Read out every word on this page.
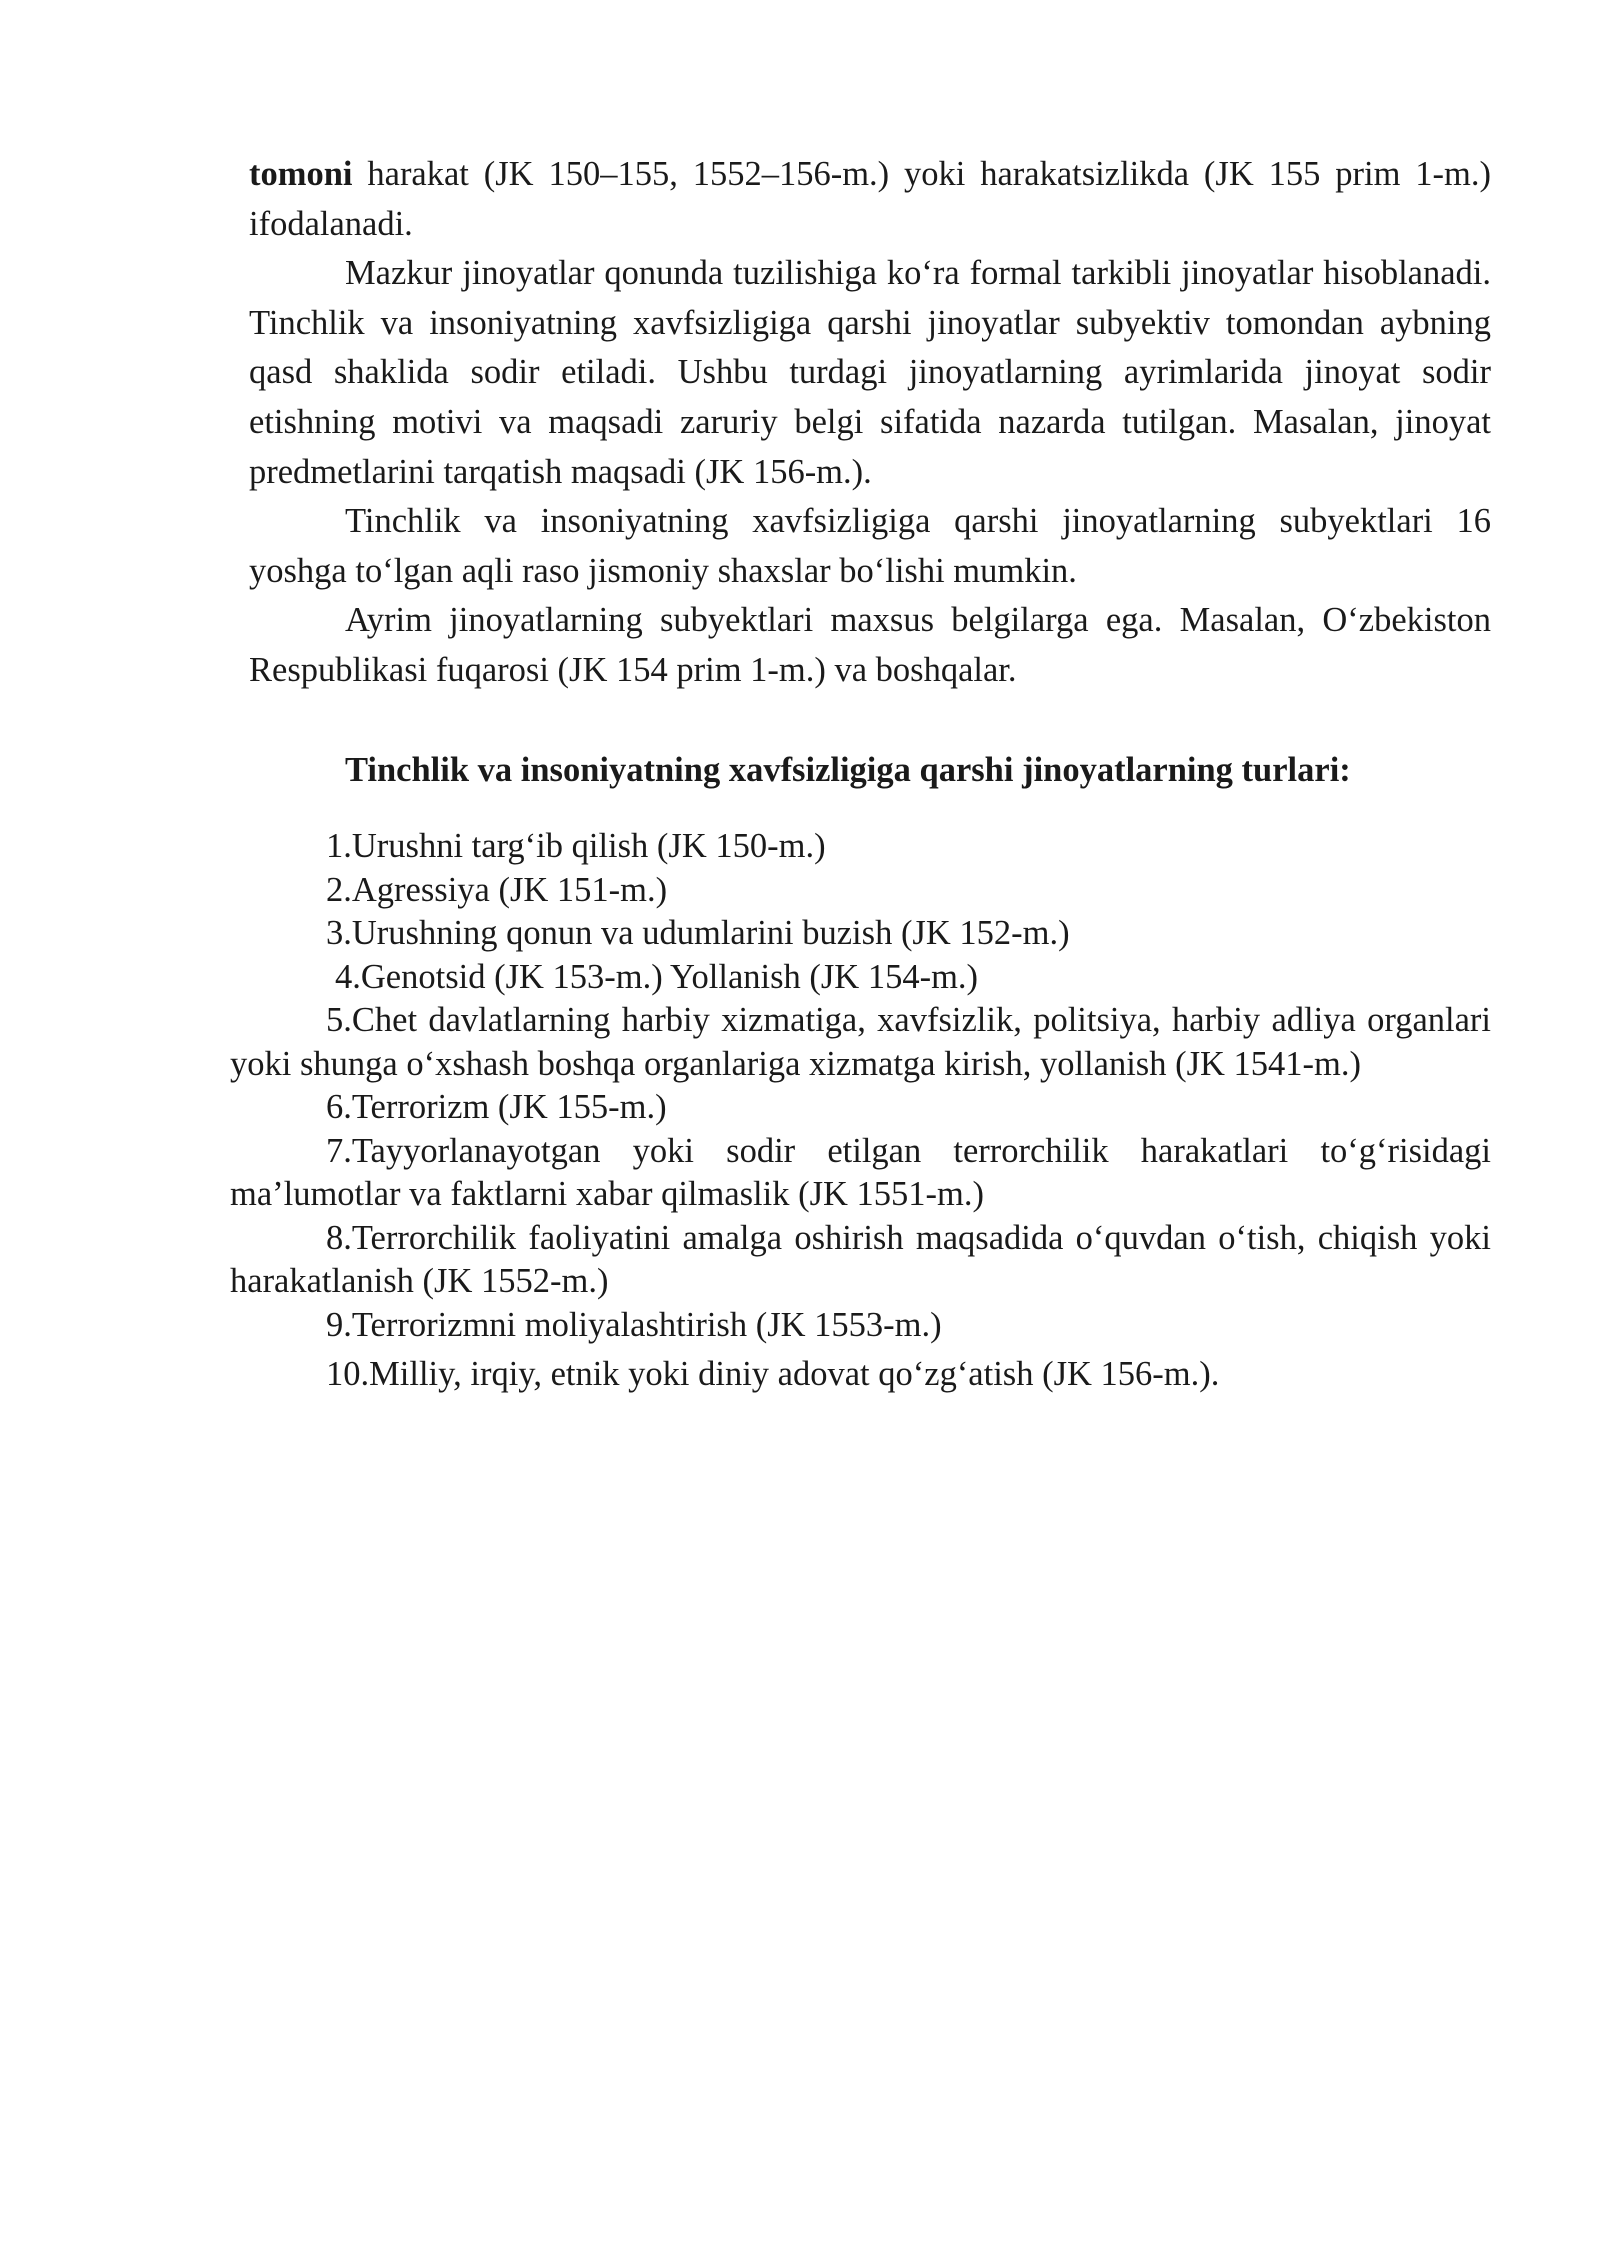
tomoni harakat (JK 150–155, 1552–156-m.) yoki harakatsizlikda (JK 155 prim 1-m.) ifodalanadi.

Mazkur jinoyatlar qonunda tuzilishiga ko‘ra formal tarkibli jinoyatlar hisoblanadi. Tinchlik va insoniyatning xavfsizligiga qarshi jinoyatlar subyektiv tomondan aybning qasd shaklida sodir etiladi. Ushbu turdagi jinoyatlarning ayrimlarida jinoyat sodir etishning motivi va maqsadi zaruriy belgi sifatida nazarda tutilgan. Masalan, jinoyat predmetlarini tarqatish maqsadi (JK 156-m.).

Tinchlik va insoniyatning xavfsizligiga qarshi jinoyatlarning subyektlari 16 yoshga to‘lgan aqli raso jismoniy shaxslar bo‘lishi mumkin.

Ayrim jinoyatlarning subyektlari maxsus belgilarga ega. Masalan, O‘zbekiston Respublikasi fuqarosi (JK 154 prim 1-m.) va boshqalar.

Tinchlik va insoniyatning xavfsizligiga qarshi jinoyatlarning turlari:

1.Urushni targ‘ib qilish (JK 150-m.)

2.Agressiya (JK 151-m.)

3.Urushning qonun va udumlarini buzish (JK 152-m.)

4.Genotsid (JK 153-m.) Yollanish (JK 154-m.)

5.Chet davlatlarning harbiy xizmatiga, xavfsizlik, politsiya, harbiy adliya organlari yoki shunga o‘xshash boshqa organlariga xizmatga kirish, yollanish (JK 1541-m.)

6.Terrorizm (JK 155-m.)

7.Tayyorlanayotgan yoki sodir etilgan terrorchilik harakatlari to‘g‘risidagi ma’lumotlar va faktlarni xabar qilmaslik (JK 1551-m.)

8.Terrorchilik faoliyatini amalga oshirish maqsadida o‘quvdan o‘tish, chiqish yoki harakatlanish (JK 1552-m.)

9.Terrorizmni moliyalashtirish (JK 1553-m.)

10.Milliy, irqiy, etnik yoki diniy adovat qo‘zg‘atish (JK 156-m.).
